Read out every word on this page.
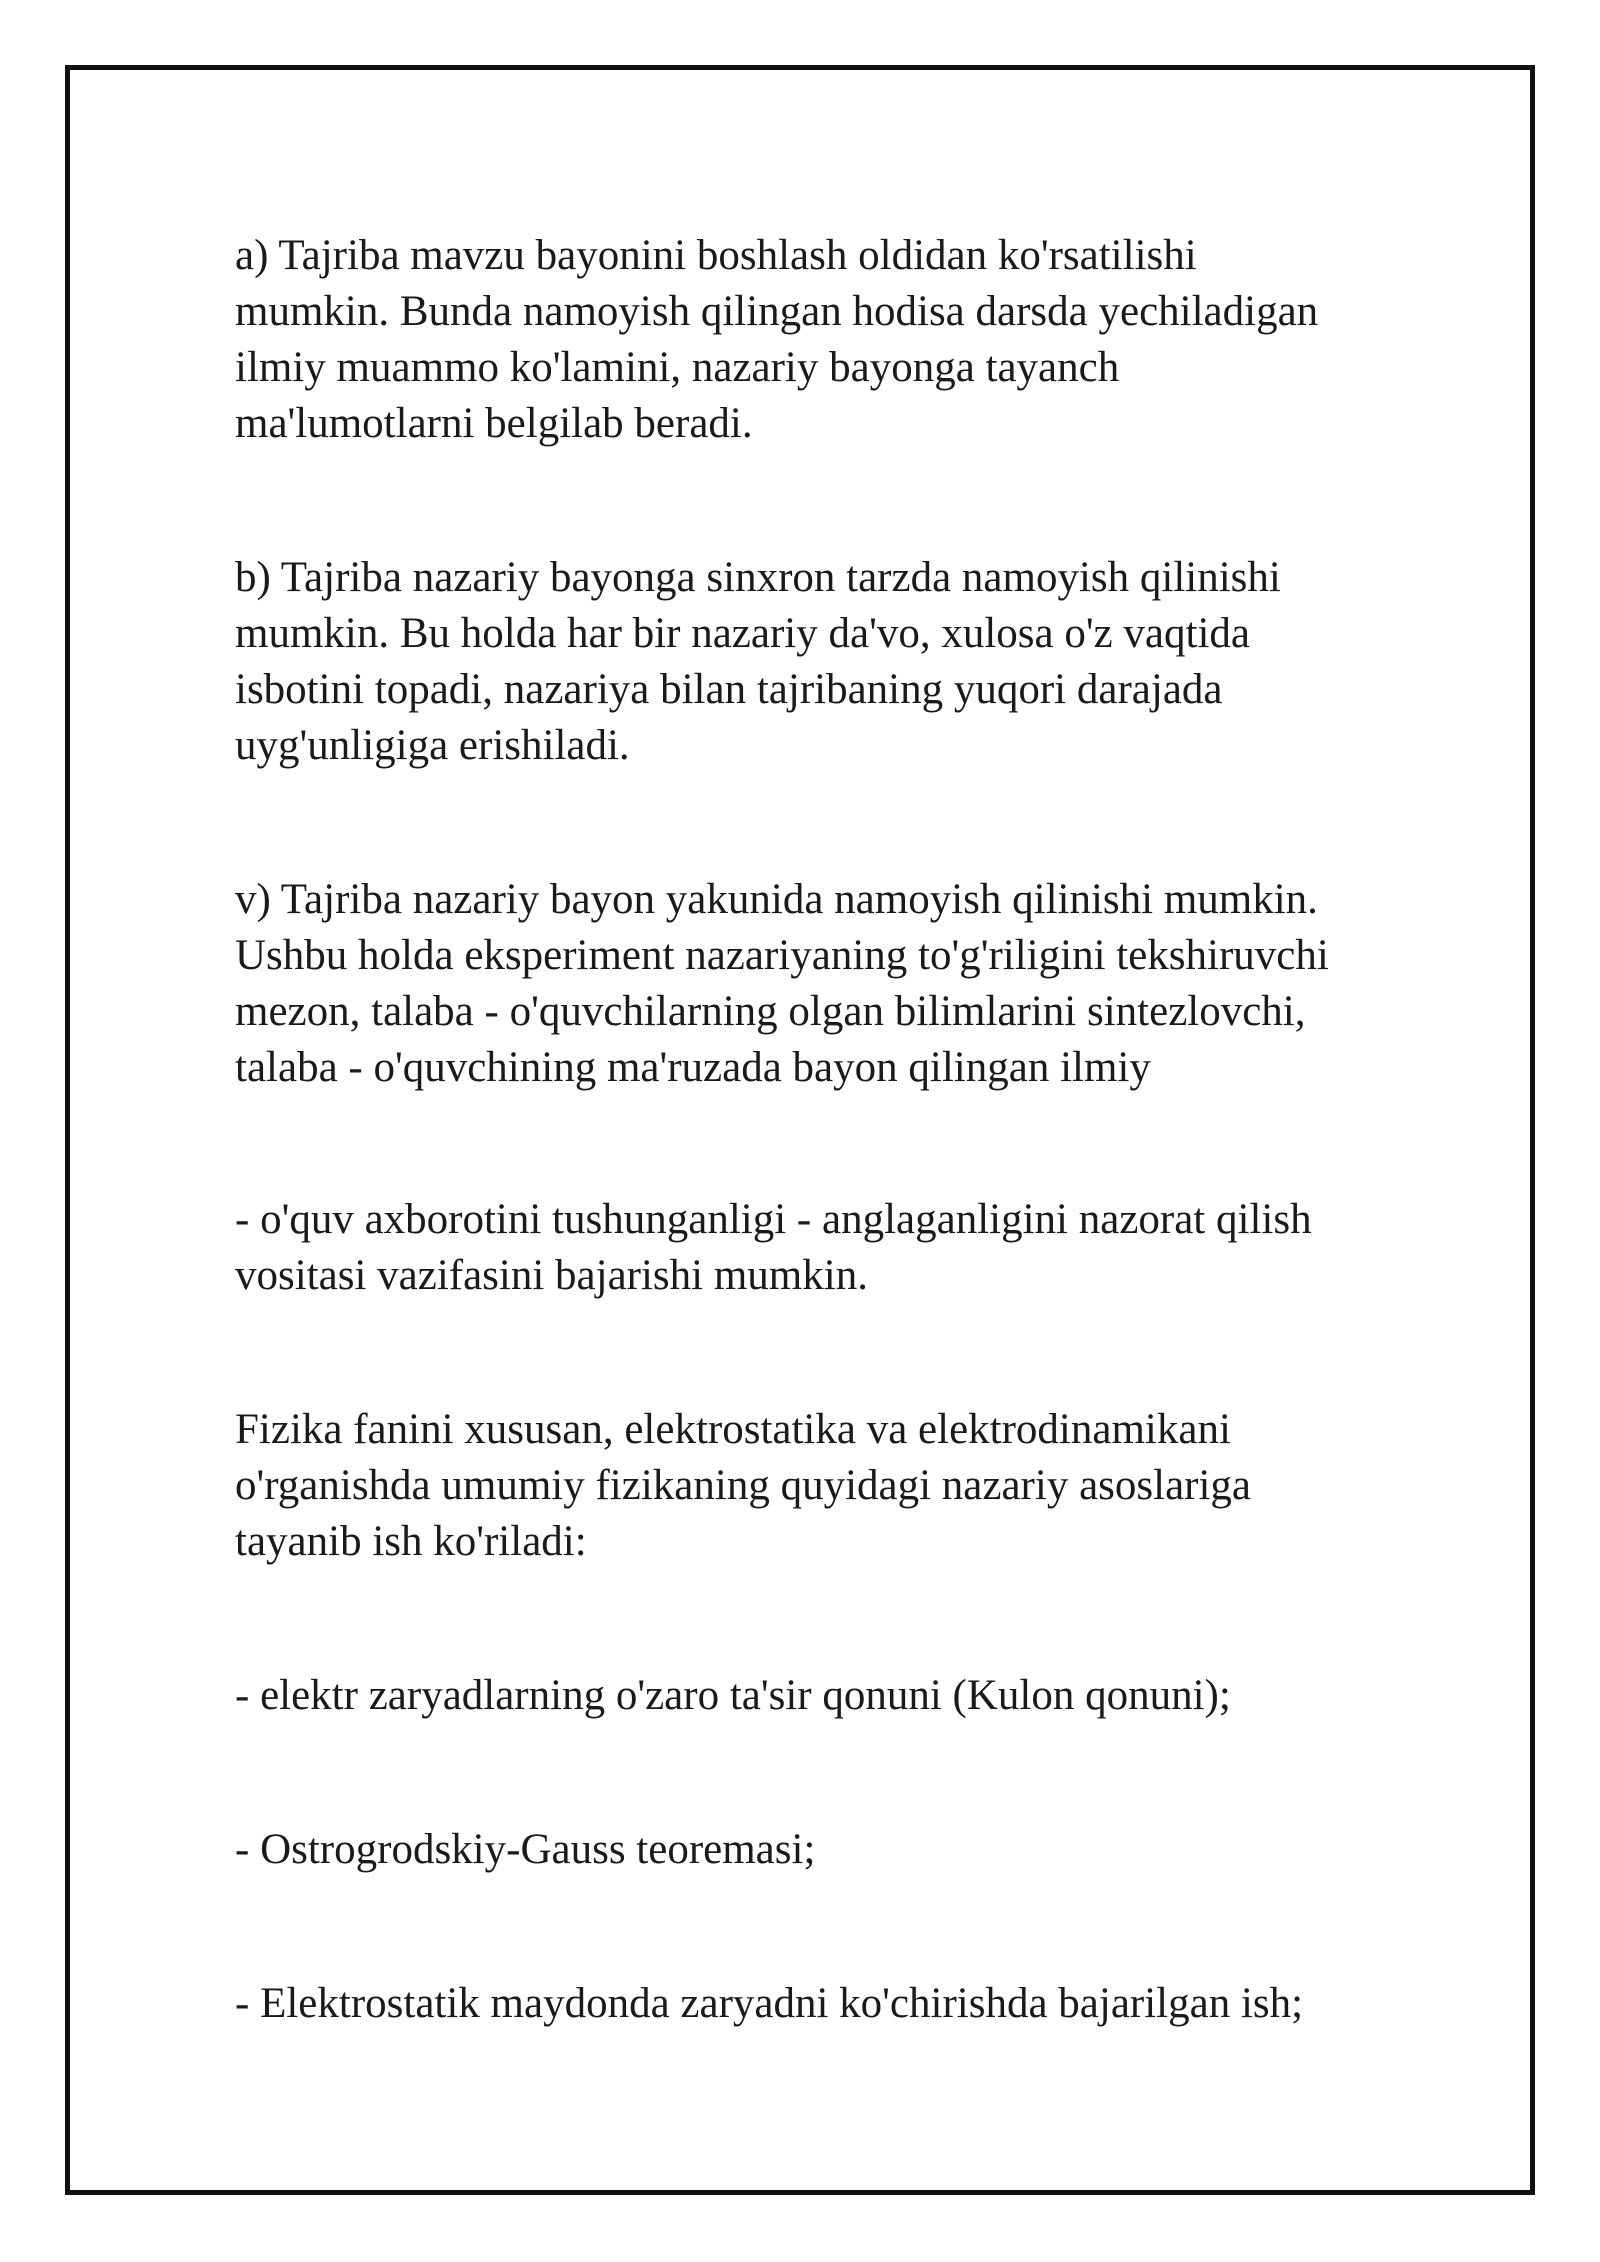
a) Tajriba mavzu bayonini boshlash oldidan ko'rsatilishi
mumkin. Bunda namoyish qilingan hodisa darsda yechiladigan
ilmiy muammo ko'lamini, nazariy bayonga tayanch
ma'lumotlarni belgilab beradi.

b) Tajriba nazariy bayonga sinxron tarzda namoyish qilinishi
mumkin. Bu holda har bir nazariy da'vo, xulosa o'z vaqtida
isbotini topadi, nazariya bilan tajribaning yuqori darajada
uyg'unligiga erishiladi.

v) Tajriba nazariy bayon yakunida namoyish qilinishi mumkin.
Ushbu holda eksperiment nazariyaning to'g'riligini tekshiruvchi
mezon, talaba - o'quvchilarning olgan bilimlarini sintezlovchi,
talaba - o'quvchining ma'ruzada bayon qilingan ilmiy

- o'quv axborotini tushunganligi - anglaganligini nazorat qilish
vositasi vazifasini bajarishi mumkin.

Fizika fanini xususan, elektrostatika va elektrodinamikani
o'rganishda umumiy fizikaning quyidagi nazariy asoslariga
tayanib ish ko'riladi:

- elektr zaryadlarning o'zaro ta'sir qonuni (Kulon qonuni);

- Ostrogrodskiy-Gauss teoremasi;

- Elektrostatik maydonda zaryadni ko'chirishda bajarilgan ish;
